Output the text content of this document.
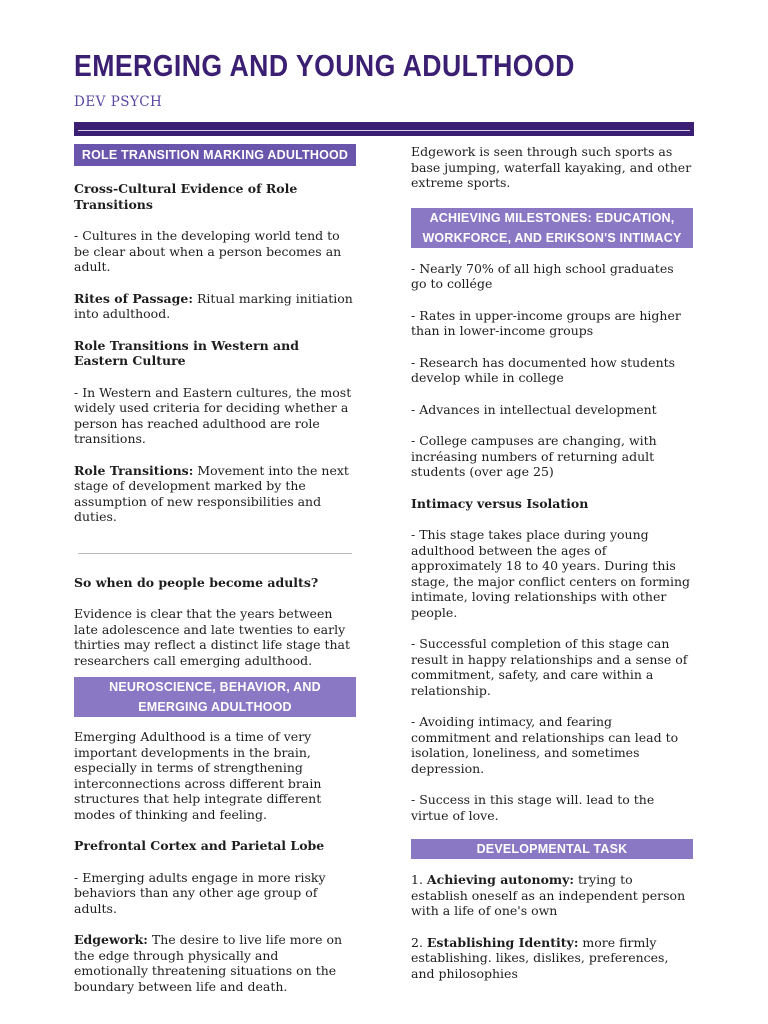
EMERGING AND YOUNG ADULTHOOD
DEV PSYCH
ROLE TRANSITION MARKING ADULTHOOD

Cross-Cultural Evidence of Role Transitions

- Cultures in the developing world tend to be clear about when a person becomes an adult.

Rites of Passage: Ritual marking initiation into adulthood.

Role Transitions in Western and Eastern Culture

- In Western and Eastern cultures, the most widely used criteria for deciding whether a person has reached adulthood are role transitions.

Role Transitions: Movement into the next stage of development marked by the assumption of new responsibilities and duties.

So when do people become adults?

Evidence is clear that the years between late adolescence and late twenties to early thirties may reflect a distinct life stage that researchers call emerging adulthood.

NEUROSCIENCE, BEHAVIOR, AND EMERGING ADULTHOOD

Emerging Adulthood is a time of very important developments in the brain, especially in terms of strengthening interconnections across different brain structures that help integrate different modes of thinking and feeling.

Prefrontal Cortex and Parietal Lobe

- Emerging adults engage in more risky behaviors than any other age group of adults.

Edgework: The desire to live life more on the edge through physically and emotionally threatening situations on the boundary between life and death.

Edgework is seen through such sports as base jumping, waterfall kayaking, and other extreme sports.

ACHIEVING MILESTONES: EDUCATION, WORKFORCE, AND ERIKSON'S INTIMACY

- Nearly 70% of all high school graduates go to collége

- Rates in upper-income groups are higher than in lower-income groups

- Research has documented how students develop while in college

- Advances in intellectual development

- College campuses are changing, with incréasing numbers of returning adult students (over age 25)

Intimacy versus Isolation

- This stage takes place during young adulthood between the ages of approximately 18 to 40 years. During this stage, the major conflict centers on forming intimate, loving relationships with other people.

- Successful completion of this stage can result in happy relationships and a sense of commitment, safety, and care within a relationship.

- Avoiding intimacy, and fearing commitment and relationships can lead to isolation, loneliness, and sometimes depression.

- Success in this stage will. lead to the virtue of love.

DEVELOPMENTAL TASK

1. Achieving autonomy: trying to establish oneself as an independent person with a life of one's own

2. Establishing Identity: more firmly establishing. likes, dislikes, preferences, and philosophies
